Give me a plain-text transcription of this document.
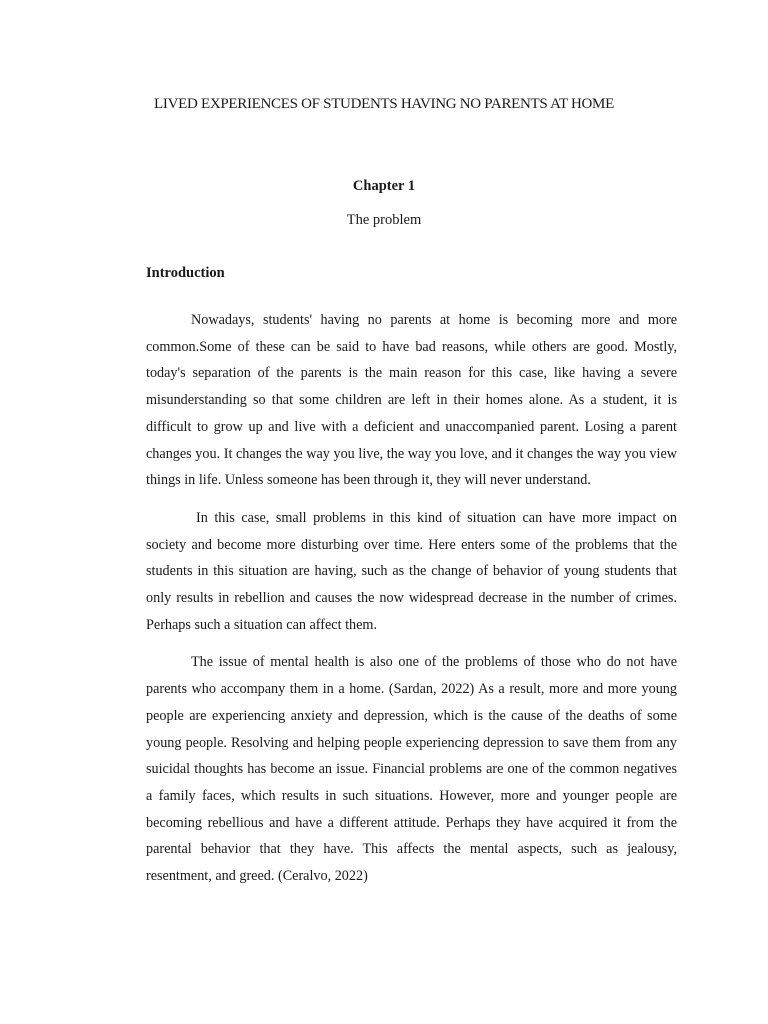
LIVED EXPERIENCES OF STUDENTS HAVING NO PARENTS AT HOME
Chapter 1
The problem
Introduction

Nowadays, students' having no parents at home is becoming more and more common.Some of these can be said to have bad reasons, while others are good. Mostly, today's separation of the parents is the main reason for this case, like having a severe misunderstanding so that some children are left in their homes alone. As a student, it is difficult to grow up and live with a deficient and unaccompanied parent. Losing a parent changes you. It changes the way you live, the way you love, and it changes the way you view things in life. Unless someone has been through it, they will never understand.

In this case, small problems in this kind of situation can have more impact on society and become more disturbing over time. Here enters some of the problems that the students in this situation are having, such as the change of behavior of young students that only results in rebellion and causes the now widespread decrease in the number of crimes. Perhaps such a situation can affect them.

The issue of mental health is also one of the problems of those who do not have parents who accompany them in a home. (Sardan, 2022) As a result, more and more young people are experiencing anxiety and depression, which is the cause of the deaths of some young people. Resolving and helping people experiencing depression to save them from any suicidal thoughts has become an issue. Financial problems are one of the common negatives a family faces, which results in such situations. However, more and younger people are becoming rebellious and have a different attitude. Perhaps they have acquired it from the parental behavior that they have. This affects the mental aspects, such as jealousy, resentment, and greed. (Ceralvo, 2022)
